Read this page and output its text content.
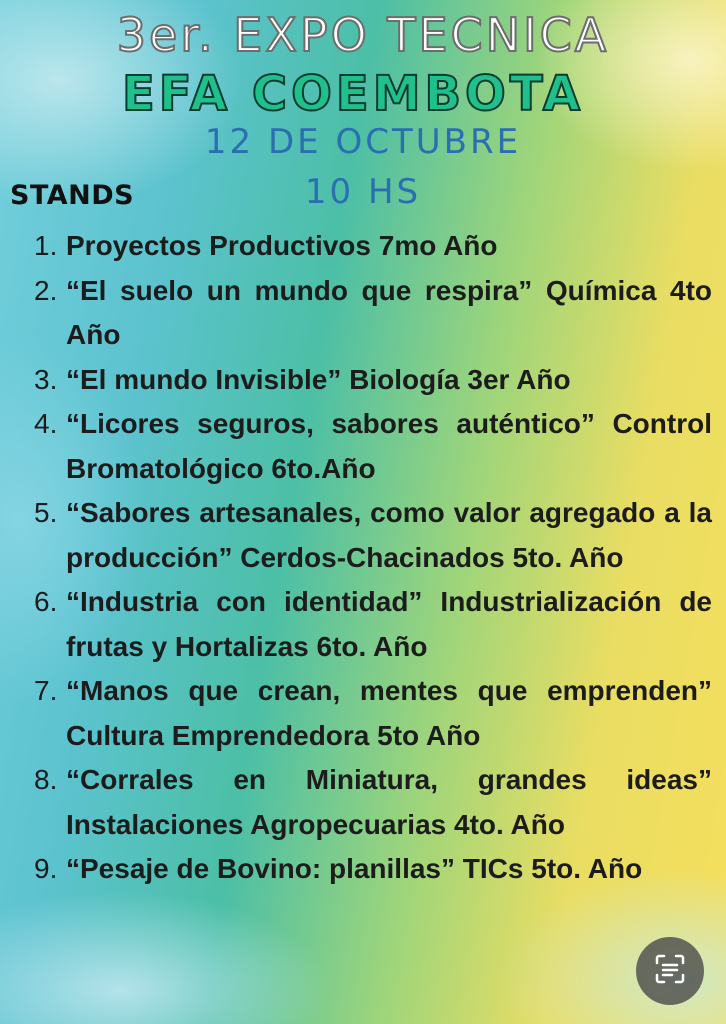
3er. EXPO TECNICA
EFA COEMBOTA
12 DE OCTUBRE
10 HS
STANDS
1. Proyectos Productivos 7mo Año
2. “El suelo un mundo que respira” Química 4to Año
3. “El mundo Invisible” Biología 3er Año
4. “Licores seguros, sabores auténtico” Control Bromatológico 6to.Año
5. “Sabores artesanales, como valor agregado a la producción” Cerdos-Chacinados 5to. Año
6. “Industria con identidad” Industrialización de frutas y Hortalizas 6to. Año
7. “Manos que crean, mentes que emprenden” Cultura Emprendedora 5to Año
8. “Corrales en Miniatura, grandes ideas” Instalaciones Agropecuarias 4to. Año
9. “Pesaje de Bovino: planillas” TICs 5to. Año
